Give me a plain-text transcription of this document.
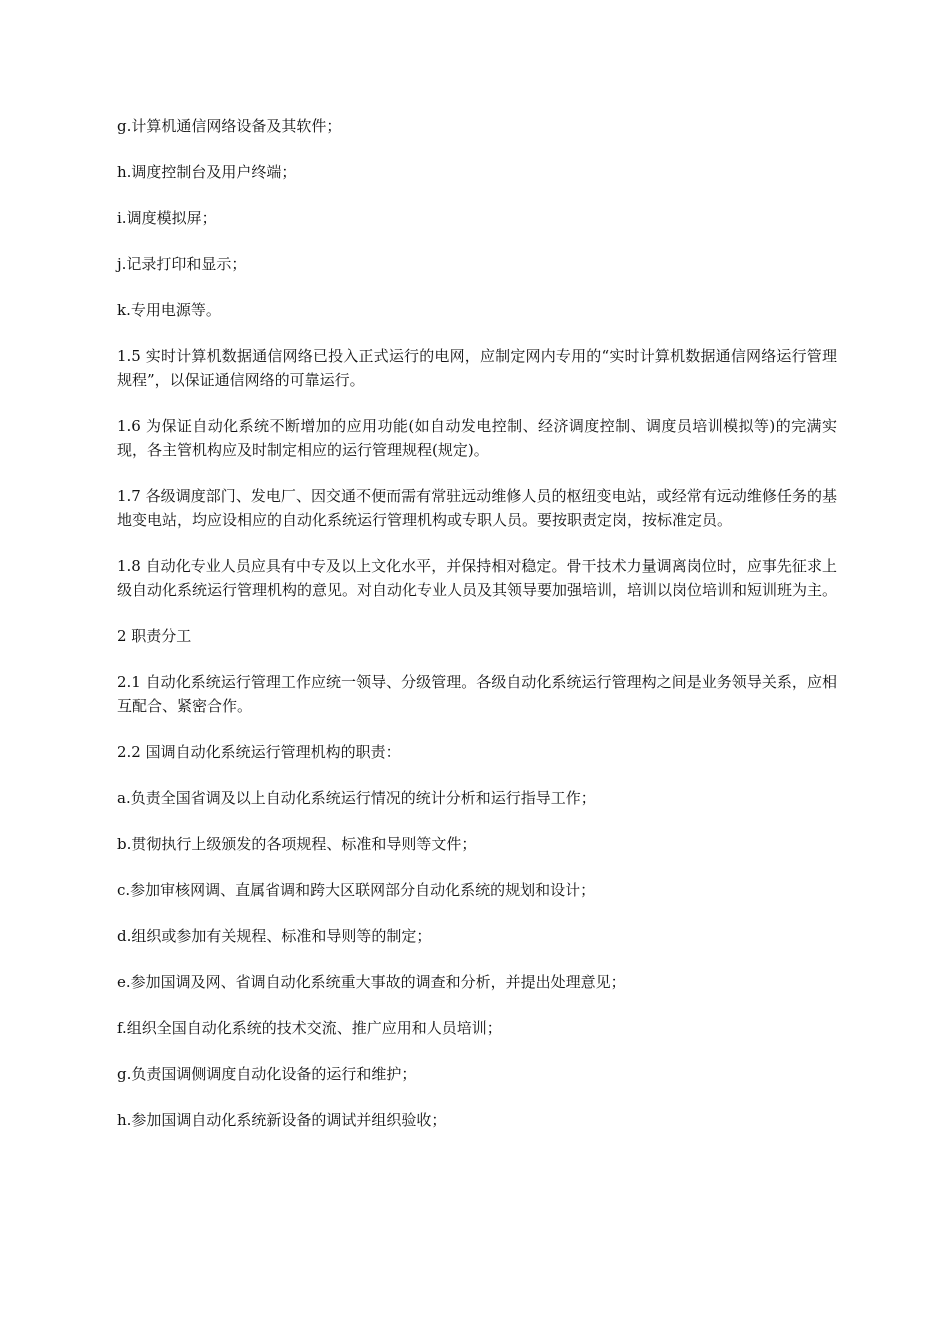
g.计算机通信网络设备及其软件；

h.调度控制台及用户终端；

i.调度模拟屏；

j.记录打印和显示；

k.专用电源等。

1.5 实时计算机数据通信网络已投入正式运行的电网，应制定网内专用的“实时计算机数据通信网络运行管理规程”，以保证通信网络的可靠运行。

1.6 为保证自动化系统不断增加的应用功能(如自动发电控制、经济调度控制、调度员培训模拟等)的完满实现，各主管机构应及时制定相应的运行管理规程(规定)。

1.7 各级调度部门、发电厂、因交通不便而需有常驻远动维修人员的枢纽变电站，或经常有远动维修任务的基地变电站，均应设相应的自动化系统运行管理机构或专职人员。要按职责定岗，按标准定员。

1.8 自动化专业人员应具有中专及以上文化水平，并保持相对稳定。骨干技术力量调离岗位时，应事先征求上级自动化系统运行管理机构的意见。对自动化专业人员及其领导要加强培训，培训以岗位培训和短训班为主。

2 职责分工

2.1 自动化系统运行管理工作应统一领导、分级管理。各级自动化系统运行管理构之间是业务领导关系，应相互配合、紧密合作。

2.2 国调自动化系统运行管理机构的职责：

a.负责全国省调及以上自动化系统运行情况的统计分析和运行指导工作；

b.贯彻执行上级颁发的各项规程、标准和导则等文件；

c.参加审核网调、直属省调和跨大区联网部分自动化系统的规划和设计；

d.组织或参加有关规程、标准和导则等的制定；

e.参加国调及网、省调自动化系统重大事故的调查和分析，并提出处理意见；

f.组织全国自动化系统的技术交流、推广应用和人员培训；

g.负责国调侧调度自动化设备的运行和维护；

h.参加国调自动化系统新设备的调试并组织验收；
